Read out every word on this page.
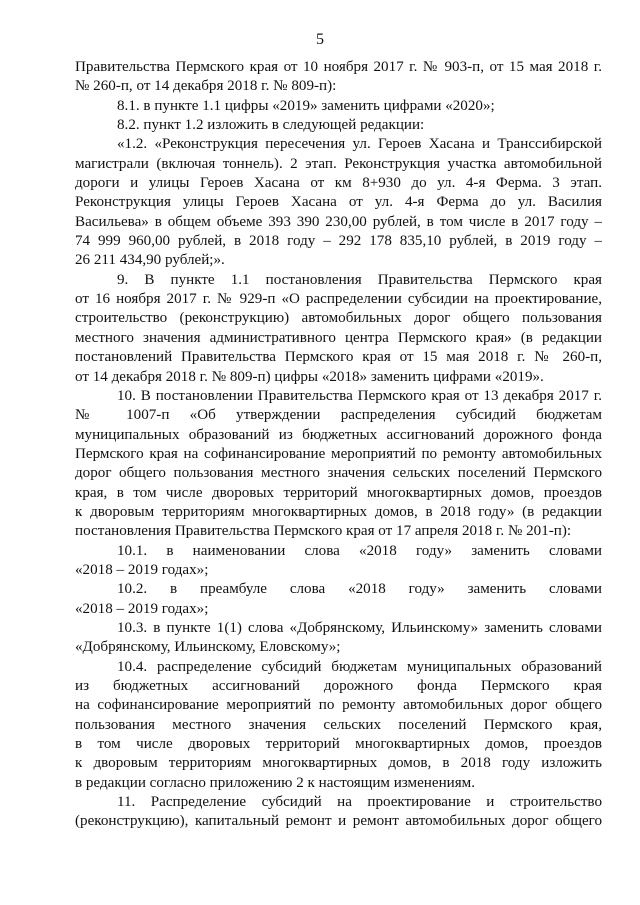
5
Правительства Пермского края от 10 ноября 2017 г. № 903-п, от 15 мая 2018 г.
№ 260-п, от 14 декабря 2018 г. № 809-п):
8.1. в пункте 1.1 цифры «2019» заменить цифрами «2020»;
8.2. пункт 1.2 изложить в следующей редакции:
«1.2. «Реконструкция пересечения ул. Героев Хасана и Транссибирской
магистрали (включая тоннель). 2 этап. Реконструкция участка автомобильной
дороги и улицы Героев Хасана от км 8+930 до ул. 4-я Ферма. 3 этап.
Реконструкция улицы Героев Хасана от ул. 4-я Ферма до ул. Василия
Васильева» в общем объеме 393 390 230,00 рублей, в том числе в 2017 году –
74 999 960,00 рублей, в 2018 году – 292 178 835,10 рублей, в 2019 году –
26 211 434,90 рублей;».
9. В пункте 1.1 постановления Правительства Пермского края
от 16 ноября 2017 г. № 929-п «О распределении субсидии на проектирование,
строительство (реконструкцию) автомобильных дорог общего пользования
местного значения административного центра Пермского края» (в редакции
постановлений Правительства Пермского края от 15 мая 2018 г. № 260-п,
от 14 декабря 2018 г. № 809-п) цифры «2018» заменить цифрами «2019».
10. В постановлении Правительства Пермского края от 13 декабря 2017 г.
№ 1007-п «Об утверждении распределения субсидий бюджетам
муниципальных образований из бюджетных ассигнований дорожного фонда
Пермского края на софинансирование мероприятий по ремонту автомобильных
дорог общего пользования местного значения сельских поселений Пермского
края, в том числе дворовых территорий многоквартирных домов, проездов
к дворовым территориям многоквартирных домов, в 2018 году» (в редакции
постановления Правительства Пермского края от 17 апреля 2018 г. № 201-п):
10.1. в наименовании слова «2018 году» заменить словами
«2018 – 2019 годах»;
10.2. в преамбуле слова «2018 году» заменить словами
«2018 – 2019 годах»;
10.3. в пункте 1(1) слова «Добрянскому, Ильинскому» заменить словами
«Добрянскому, Ильинскому, Еловскому»;
10.4. распределение субсидий бюджетам муниципальных образований
из бюджетных ассигнований дорожного фонда Пермского края
на софинансирование мероприятий по ремонту автомобильных дорог общего
пользования местного значения сельских поселений Пермского края,
в том числе дворовых территорий многоквартирных домов, проездов
к дворовым территориям многоквартирных домов, в 2018 году изложить
в редакции согласно приложению 2 к настоящим изменениям.
11. Распределение субсидий на проектирование и строительство
(реконструкцию), капитальный ремонт и ремонт автомобильных дорог общего
